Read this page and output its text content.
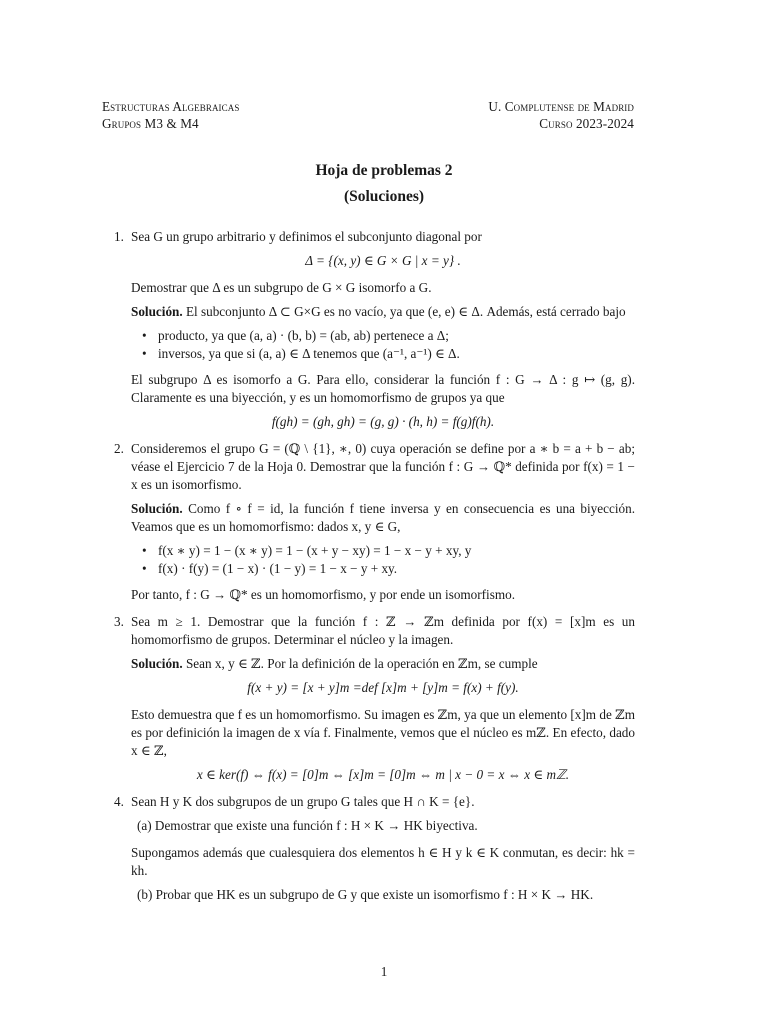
Estructuras Algebraicas	U. Complutense de Madrid
Grupos M3 & M4	Curso 2023-2024
Hoja de problemas 2
(Soluciones)
1. Sea G un grupo arbitrario y definimos el subconjunto diagonal por

Δ = {(x, y) ∈ G × G | x = y} .

Demostrar que Δ es un subgrupo de G × G isomorfo a G.

Solución. El subconjunto Δ ⊂ G×G es no vacío, ya que (e, e) ∈ Δ. Además, está cerrado bajo

• producto, ya que (a, a) · (b, b) = (ab, ab) pertenece a Δ;
• inversos, ya que si (a, a) ∈ Δ tenemos que (a⁻¹, a⁻¹) ∈ Δ.

El subgrupo Δ es isomorfo a G. Para ello, considerar la función f : G → Δ : g ↦ (g, g). Claramente es una biyección, y es un homomorfismo de grupos ya que

f(gh) = (gh, gh) = (g, g) · (h, h) = f(g)f(h).
2. Consideremos el grupo G = (ℚ \ {1}, ∗, 0) cuya operación se define por a ∗ b = a + b − ab; véase el Ejercicio 7 de la Hoja 0. Demostrar que la función f : G → ℚ* definida por f(x) = 1 − x es un isomorfismo.

Solución. Como f ∘ f = id, la función f tiene inversa y en consecuencia es una biyección. Veamos que es un homomorfismo: dados x, y ∈ G,

• f(x ∗ y) = 1 − (x ∗ y) = 1 − (x + y − xy) = 1 − x − y + xy, y
• f(x) · f(y) = (1 − x) · (1 − y) = 1 − x − y + xy.

Por tanto, f : G → ℚ* es un homomorfismo, y por ende un isomorfismo.

3. Sea m ≥ 1. Demostrar que la función f : ℤ → ℤm definida por f(x) = [x]m es un homomorfismo de grupos. Determinar el núcleo y la imagen.

Solución. Sean x, y ∈ ℤ. Por la definición de la operación en ℤm, se cumple

f(x + y) = [x + y]m =def [x]m + [y]m = f(x) + f(y).

Esto demuestra que f es un homomorfismo. Su imagen es ℤm, ya que un elemento [x]m de ℤm es por definición la imagen de x vía f. Finalmente, vemos que el núcleo es mℤ. En efecto, dado x ∈ ℤ,

x ∈ ker(f) ⇔ f(x) = [0]m ⇔ [x]m = [0]m ⇔ m | x − 0 = x ⇔ x ∈ mℤ.
4. Sean H y K dos subgrupos de un grupo G tales que H ∩ K = {e}.

(a) Demostrar que existe una función f : H × K → HK biyectiva.

Supongamos además que cualesquiera dos elementos h ∈ H y k ∈ K conmutan, es decir: hk = kh.

(b) Probar que HK es un subgrupo de G y que existe un isomorfismo f : H × K → HK.
1
